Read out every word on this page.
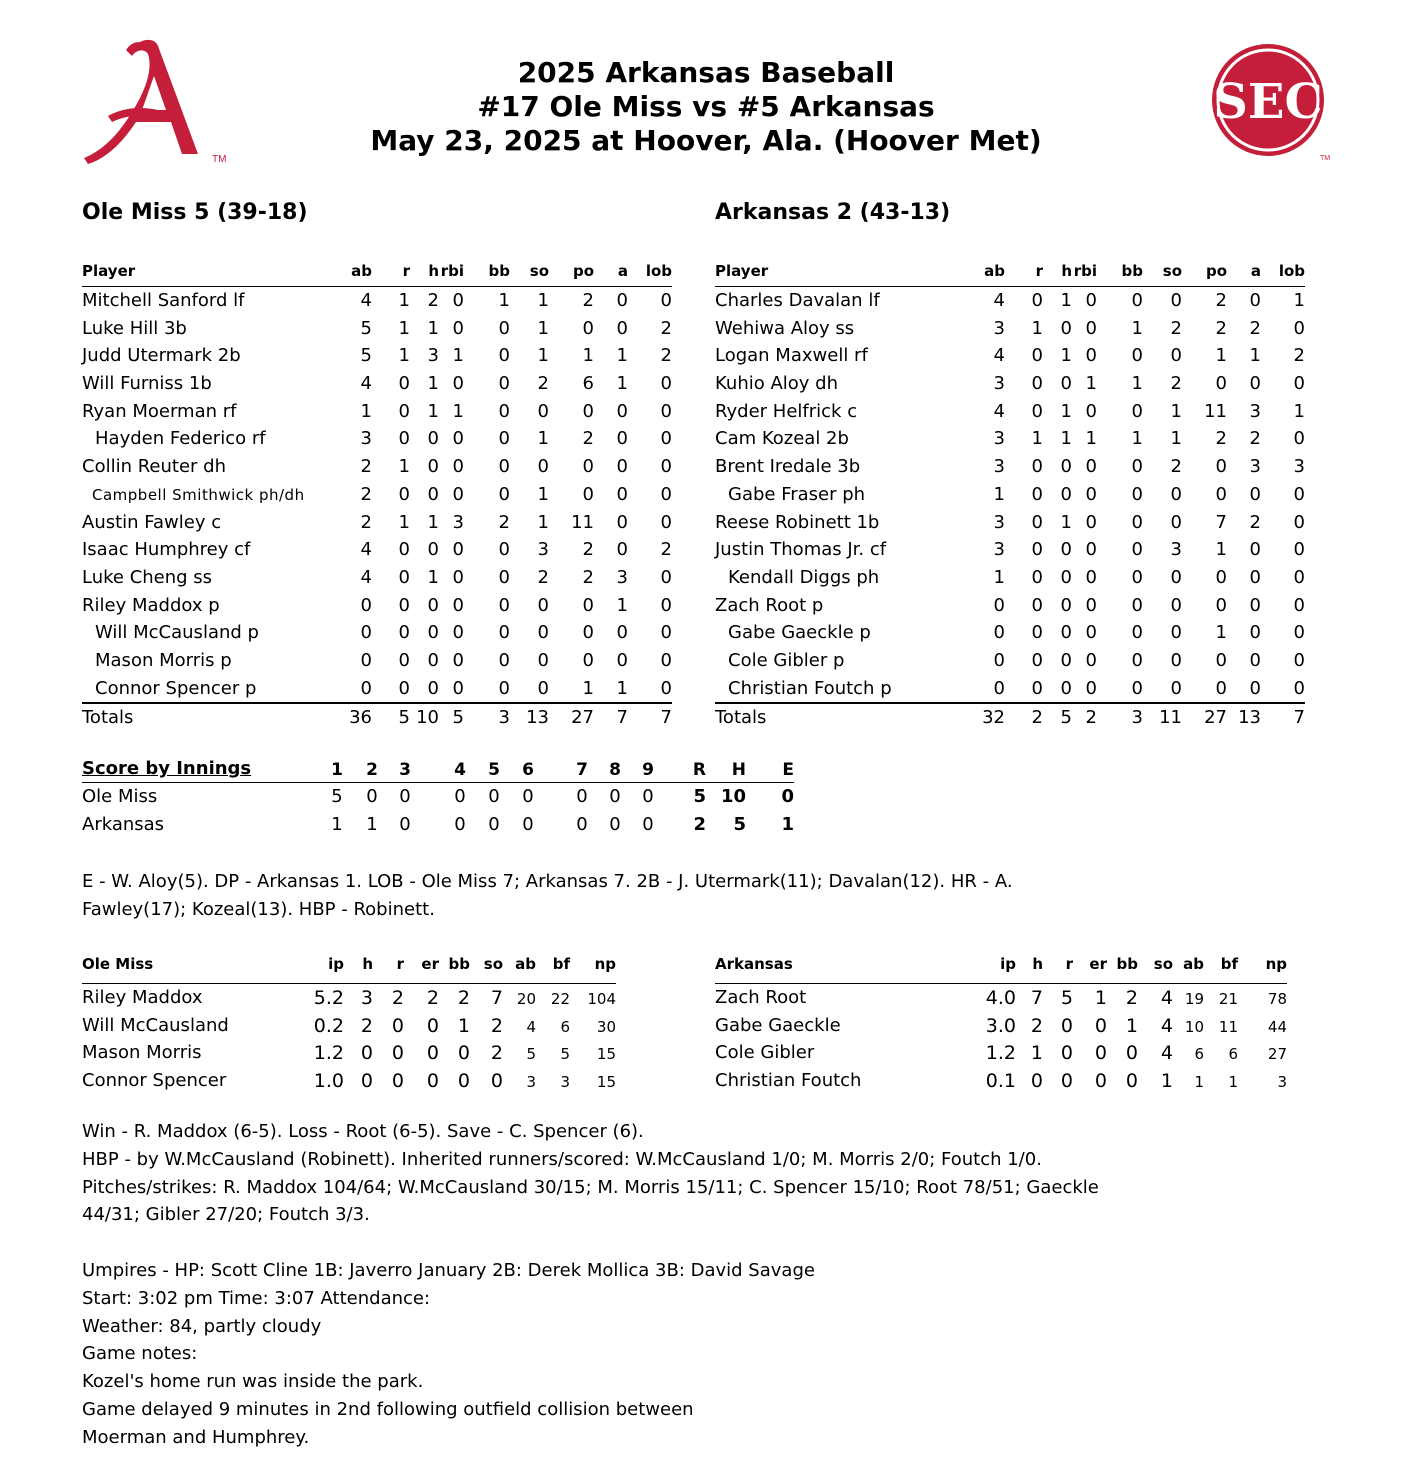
TM
SEC
TM
2025 Arkansas Baseball
#17 Ole Miss vs #5 Arkansas
May 23, 2025 at Hoover, Ala. (Hoover Met)
Ole Miss 5 (39-18)	Arkansas 2 (43-13)
Player	ab	r	h rbi	bb	so	po	a	lob
Mitchell Sanford lf	4	1 2 0	1	1	2	0	0
Luke Hill 3b	5	1 1 0	0	1	0	0	2
Judd Utermark 2b	5	1 3 1	0	1	1	1	2
Will Furniss 1b	4	0 1 0	0	2	6	1	0
Ryan Moerman rf	1	0 1 1	0	0	0	0	0
Hayden Federico rf	3	0 0 0	0	1	2	0	0
Collin Reuter dh	2	1 0 0	0	0	0	0	0
Campbell Smithwick ph/dh	2	0 0 0	0	1	0	0	0
Austin Fawley c	2	1 1 3	2	1	11	0	0
Isaac Humphrey cf	4	0 0 0	0	3	2	0	2
Luke Cheng ss	4	0 1 0	0	2	2	3	0
Riley Maddox p	0	0 0 0	0	0	0	1	0
Will McCausland p	0	0 0 0	0	0	0	0	0
Mason Morris p	0	0 0 0	0	0	0	0	0
Connor Spencer p	0	0 0 0	0	0	1	1	0
Totals	36	5 10 5	3 13	27	7	7
Player	ab	r	h rbi	bb	so	po	a	lob
Charles Davalan lf	4	0 1 0	0	0	2	0	1
Wehiwa Aloy ss	3	1 0 0	1	2	2	2	0
Logan Maxwell rf	4	0 1 0	0	0	1	1	2
Kuhio Aloy dh	3	0 0 1	1	2	0	0	0
Ryder Helfrick c	4	0 1 0	0	1	11	3	1
Cam Kozeal 2b	3	1 1 1	1	1	2	2	0
Brent Iredale 3b	3	0 0 0	0	2	0	3	3
Gabe Fraser ph	1	0 0 0	0	0	0	0	0
Reese Robinett 1b	3	0 1 0	0	0	7	2	0
Justin Thomas Jr. cf	3	0 0 0	0	3	1	0	0
Kendall Diggs ph	1	0 0 0	0	0	0	0	0
Zach Root p	0	0 0 0	0	0	0	0	0
Gabe Gaeckle p	0	0 0 0	0	0	1	0	0
Cole Gibler p	0	0 0 0	0	0	0	0	0
Christian Foutch p	0	0 0 0	0	0	0	0	0
Totals	32	2 5 2	3 11	27 13	7
Score by Innings	1 2 3	4 5 6 7 8 9	R	H	E
Ole Miss	5 0 0 0 0 0 0 0 0	5 10	0
Arkansas	1 1 0 0 0 0 0 0 0	2	5	1

E - W. Aloy(5). DP - Arkansas 1. LOB - Ole Miss 7; Arkansas 7. 2B - J. Utermark(11); Davalan(12). HR - A.

Fawley(17); Kozeal(13). HBP - Robinett.

Ole Miss	ip	h	r	er bb so ab	bf	np
Riley Maddox	5.2 3 2	2 2	7 20 22	104
Will McCausland	0.2 2 0	0 1	2	4	6	30
Mason Morris	1.2 0 0	0 0	2	5	5	15
Connor Spencer	1.0 0 0	0 0	0	3	3	15
Arkansas	ip	h	r	er bb	so ab	bf	np
Zach Root	4.0 7 5	1 2	4 19 21	78
Gabe Gaeckle	3.0 2 0	0 1	4 10 11	44
Cole Gibler	1.2 1 0	0 0	4	6	6	27
Christian Foutch	0.1 0 0	0 0	1	1	1	3

Win - R. Maddox (6-5). Loss - Root (6-5). Save - C. Spencer (6).

HBP - by W.McCausland (Robinett). Inherited runners/scored: W.McCausland 1/0; M. Morris 2/0; Foutch 1/0.

Pitches/strikes: R. Maddox 104/64; W.McCausland 30/15; M. Morris 15/11; C. Spencer 15/10; Root 78/51; Gaeckle

44/31; Gibler 27/20; Foutch 3/3.

Umpires - HP: Scott Cline 1B: Javerro January 2B: Derek Mollica 3B: David Savage

Start: 3:02 pm Time: 3:07 Attendance:

Weather: 84, partly cloudy

Game notes:

Kozel's home run was inside the park.

Game delayed 9 minutes in 2nd following outfield collision between

Moerman and Humphrey.
